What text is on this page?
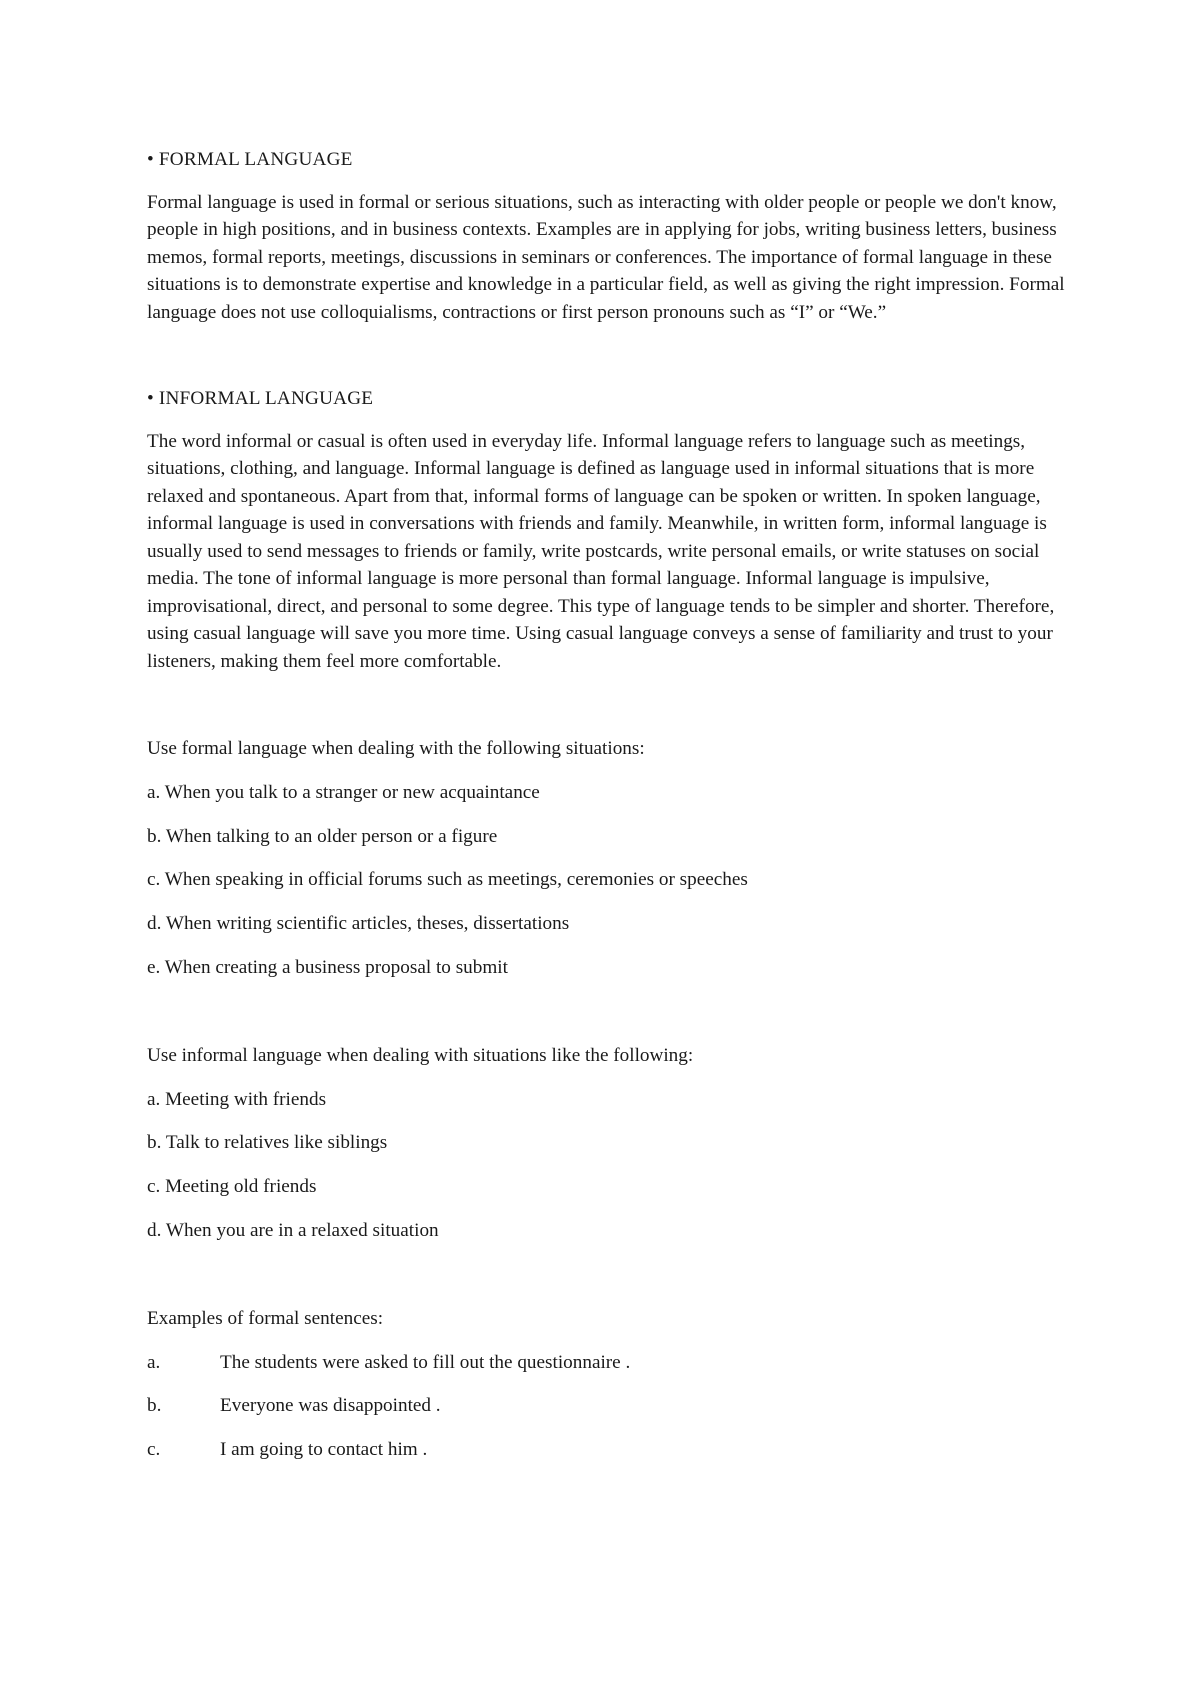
• FORMAL LANGUAGE

Formal language is used in formal or serious situations, such as interacting with older people or people we don't know, people in high positions, and in business contexts. Examples are in applying for jobs, writing business letters, business memos, formal reports, meetings, discussions in seminars or conferences. The importance of formal language in these situations is to demonstrate expertise and knowledge in a particular field, as well as giving the right impression. Formal language does not use colloquialisms, contractions or first person pronouns such as “I” or “We.”

• INFORMAL LANGUAGE

The word informal or casual is often used in everyday life. Informal language refers to language such as meetings, situations, clothing, and language. Informal language is defined as language used in informal situations that is more relaxed and spontaneous. Apart from that, informal forms of language can be spoken or written. In spoken language, informal language is used in conversations with friends and family. Meanwhile, in written form, informal language is usually used to send messages to friends or family, write postcards, write personal emails, or write statuses on social media. The tone of informal language is more personal than formal language. Informal language is impulsive, improvisational, direct, and personal to some degree. This type of language tends to be simpler and shorter. Therefore, using casual language will save you more time. Using casual language conveys a sense of familiarity and trust to your listeners, making them feel more comfortable.

Use formal language when dealing with the following situations:

a. When you talk to a stranger or new acquaintance

b. When talking to an older person or a figure

c. When speaking in official forums such as meetings, ceremonies or speeches

d. When writing scientific articles, theses, dissertations

e. When creating a business proposal to submit

Use informal language when dealing with situations like the following:

a. Meeting with friends

b. Talk to relatives like siblings

c. Meeting old friends

d. When you are in a relaxed situation

Examples of formal sentences:

a.	The students were asked to fill out the questionnaire .
b.	Everyone was disappointed .
c.	I am going to contact him .
